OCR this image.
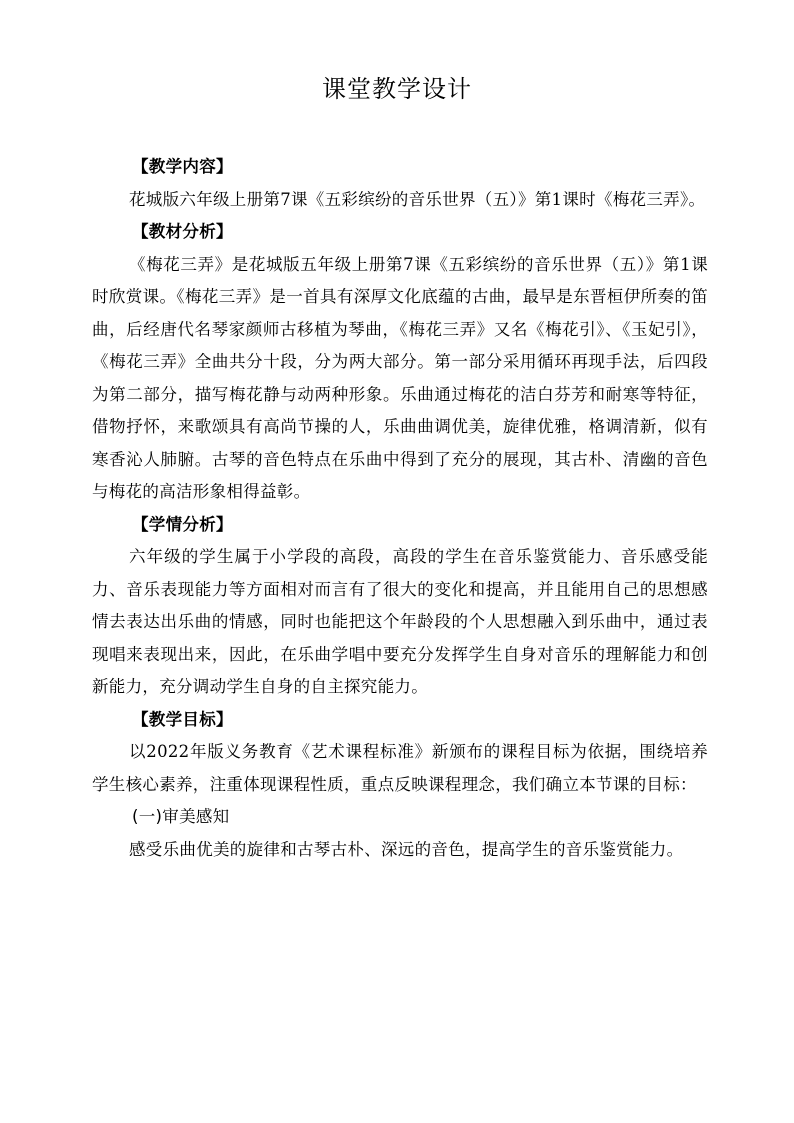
课堂教学设计

【教学内容】

花城版六年级上册第7课《五彩缤纷的音乐世界（五）》第1课时《梅花三弄》。

【教材分析】

《梅花三弄》是花城版五年级上册第7课《五彩缤纷的音乐世界（五）》第1课时欣赏课。《梅花三弄》是一首具有深厚文化底蕴的古曲，最早是东晋桓伊所奏的笛曲，后经唐代名琴家颜师古移植为琴曲，《梅花三弄》又名《梅花引》、《玉妃引》，《梅花三弄》全曲共分十段，分为两大部分。第一部分采用循环再现手法，后四段为第二部分，描写梅花静与动两种形象。乐曲通过梅花的洁白芬芳和耐寒等特征，借物抒怀，来歌颂具有高尚节操的人，乐曲曲调优美，旋律优雅，格调清新，似有寒香沁人肺腑。古琴的音色特点在乐曲中得到了充分的展现，其古朴、清幽的音色与梅花的高洁形象相得益彰。

【学情分析】

六年级的学生属于小学段的高段，高段的学生在音乐鉴赏能力、音乐感受能力、音乐表现能力等方面相对而言有了很大的变化和提高，并且能用自己的思想感情去表达出乐曲的情感，同时也能把这个年龄段的个人思想融入到乐曲中，通过表现唱来表现出来，因此，在乐曲学唱中要充分发挥学生自身对音乐的理解能力和创新能力，充分调动学生自身的自主探究能力。

【教学目标】

以2022年版义务教育《艺术课程标准》新颁布的课程目标为依据，围绕培养学生核心素养，注重体现课程性质，重点反映课程理念，我们确立本节课的目标：

(一)审美感知

感受乐曲优美的旋律和古琴古朴、深远的音色，提高学生的音乐鉴赏能力。
